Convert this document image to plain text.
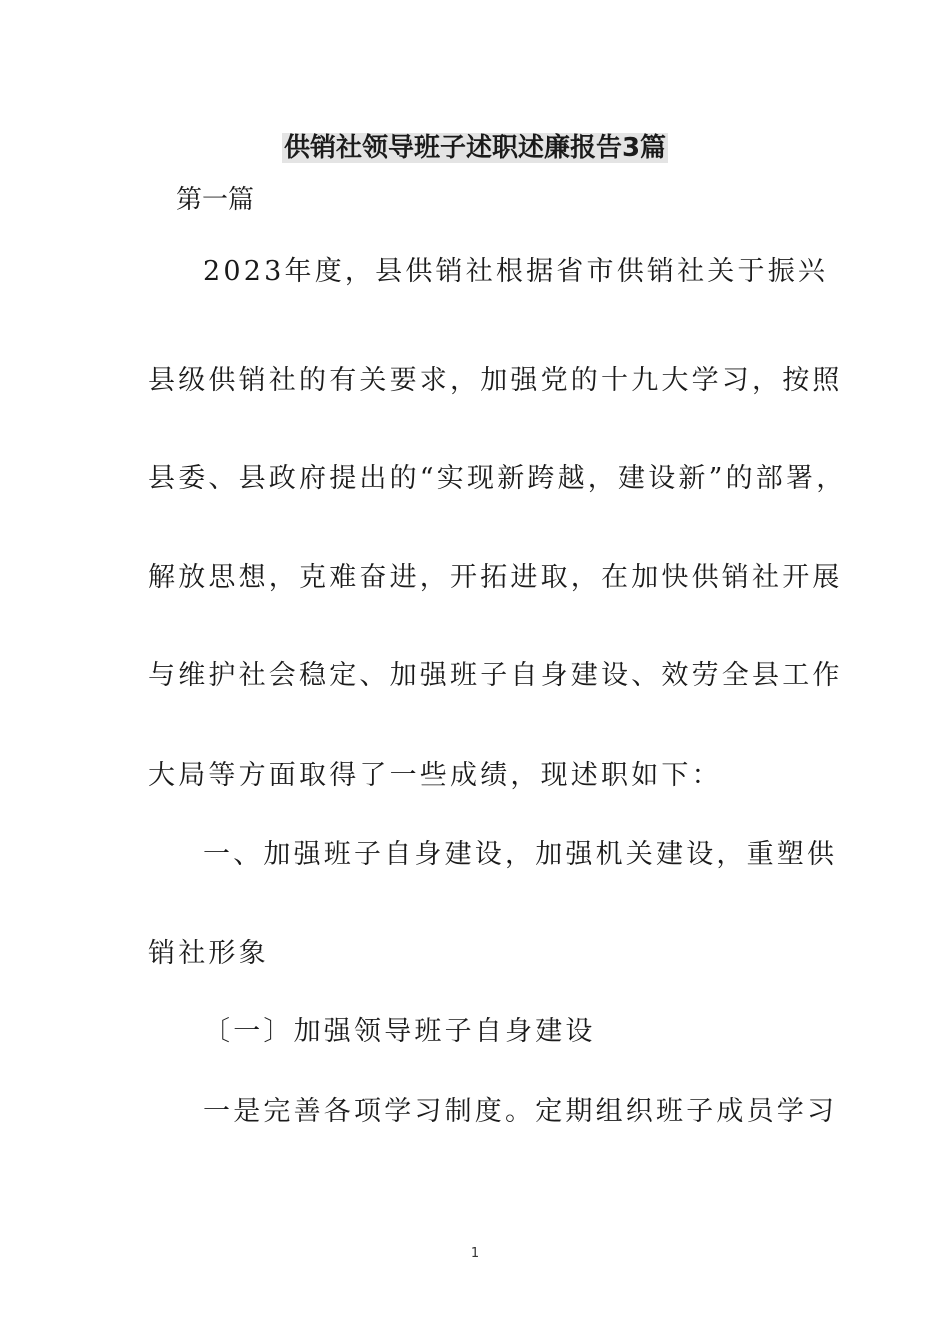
供销社领导班子述职述廉报告3篇
第一篇
2023年度，县供销社根据省市供销社关于振兴
县级供销社的有关要求，加强党的十九大学习，按照
县委、县政府提出的“实现新跨越，建设新”的部署，
解放思想，克难奋进，开拓进取，在加快供销社开展
与维护社会稳定、加强班子自身建设、效劳全县工作
大局等方面取得了一些成绩，现述职如下：
一、加强班子自身建设，加强机关建设，重塑供
销社形象
〔一〕加强领导班子自身建设
一是完善各项学习制度。定期组织班子成员学习
1
